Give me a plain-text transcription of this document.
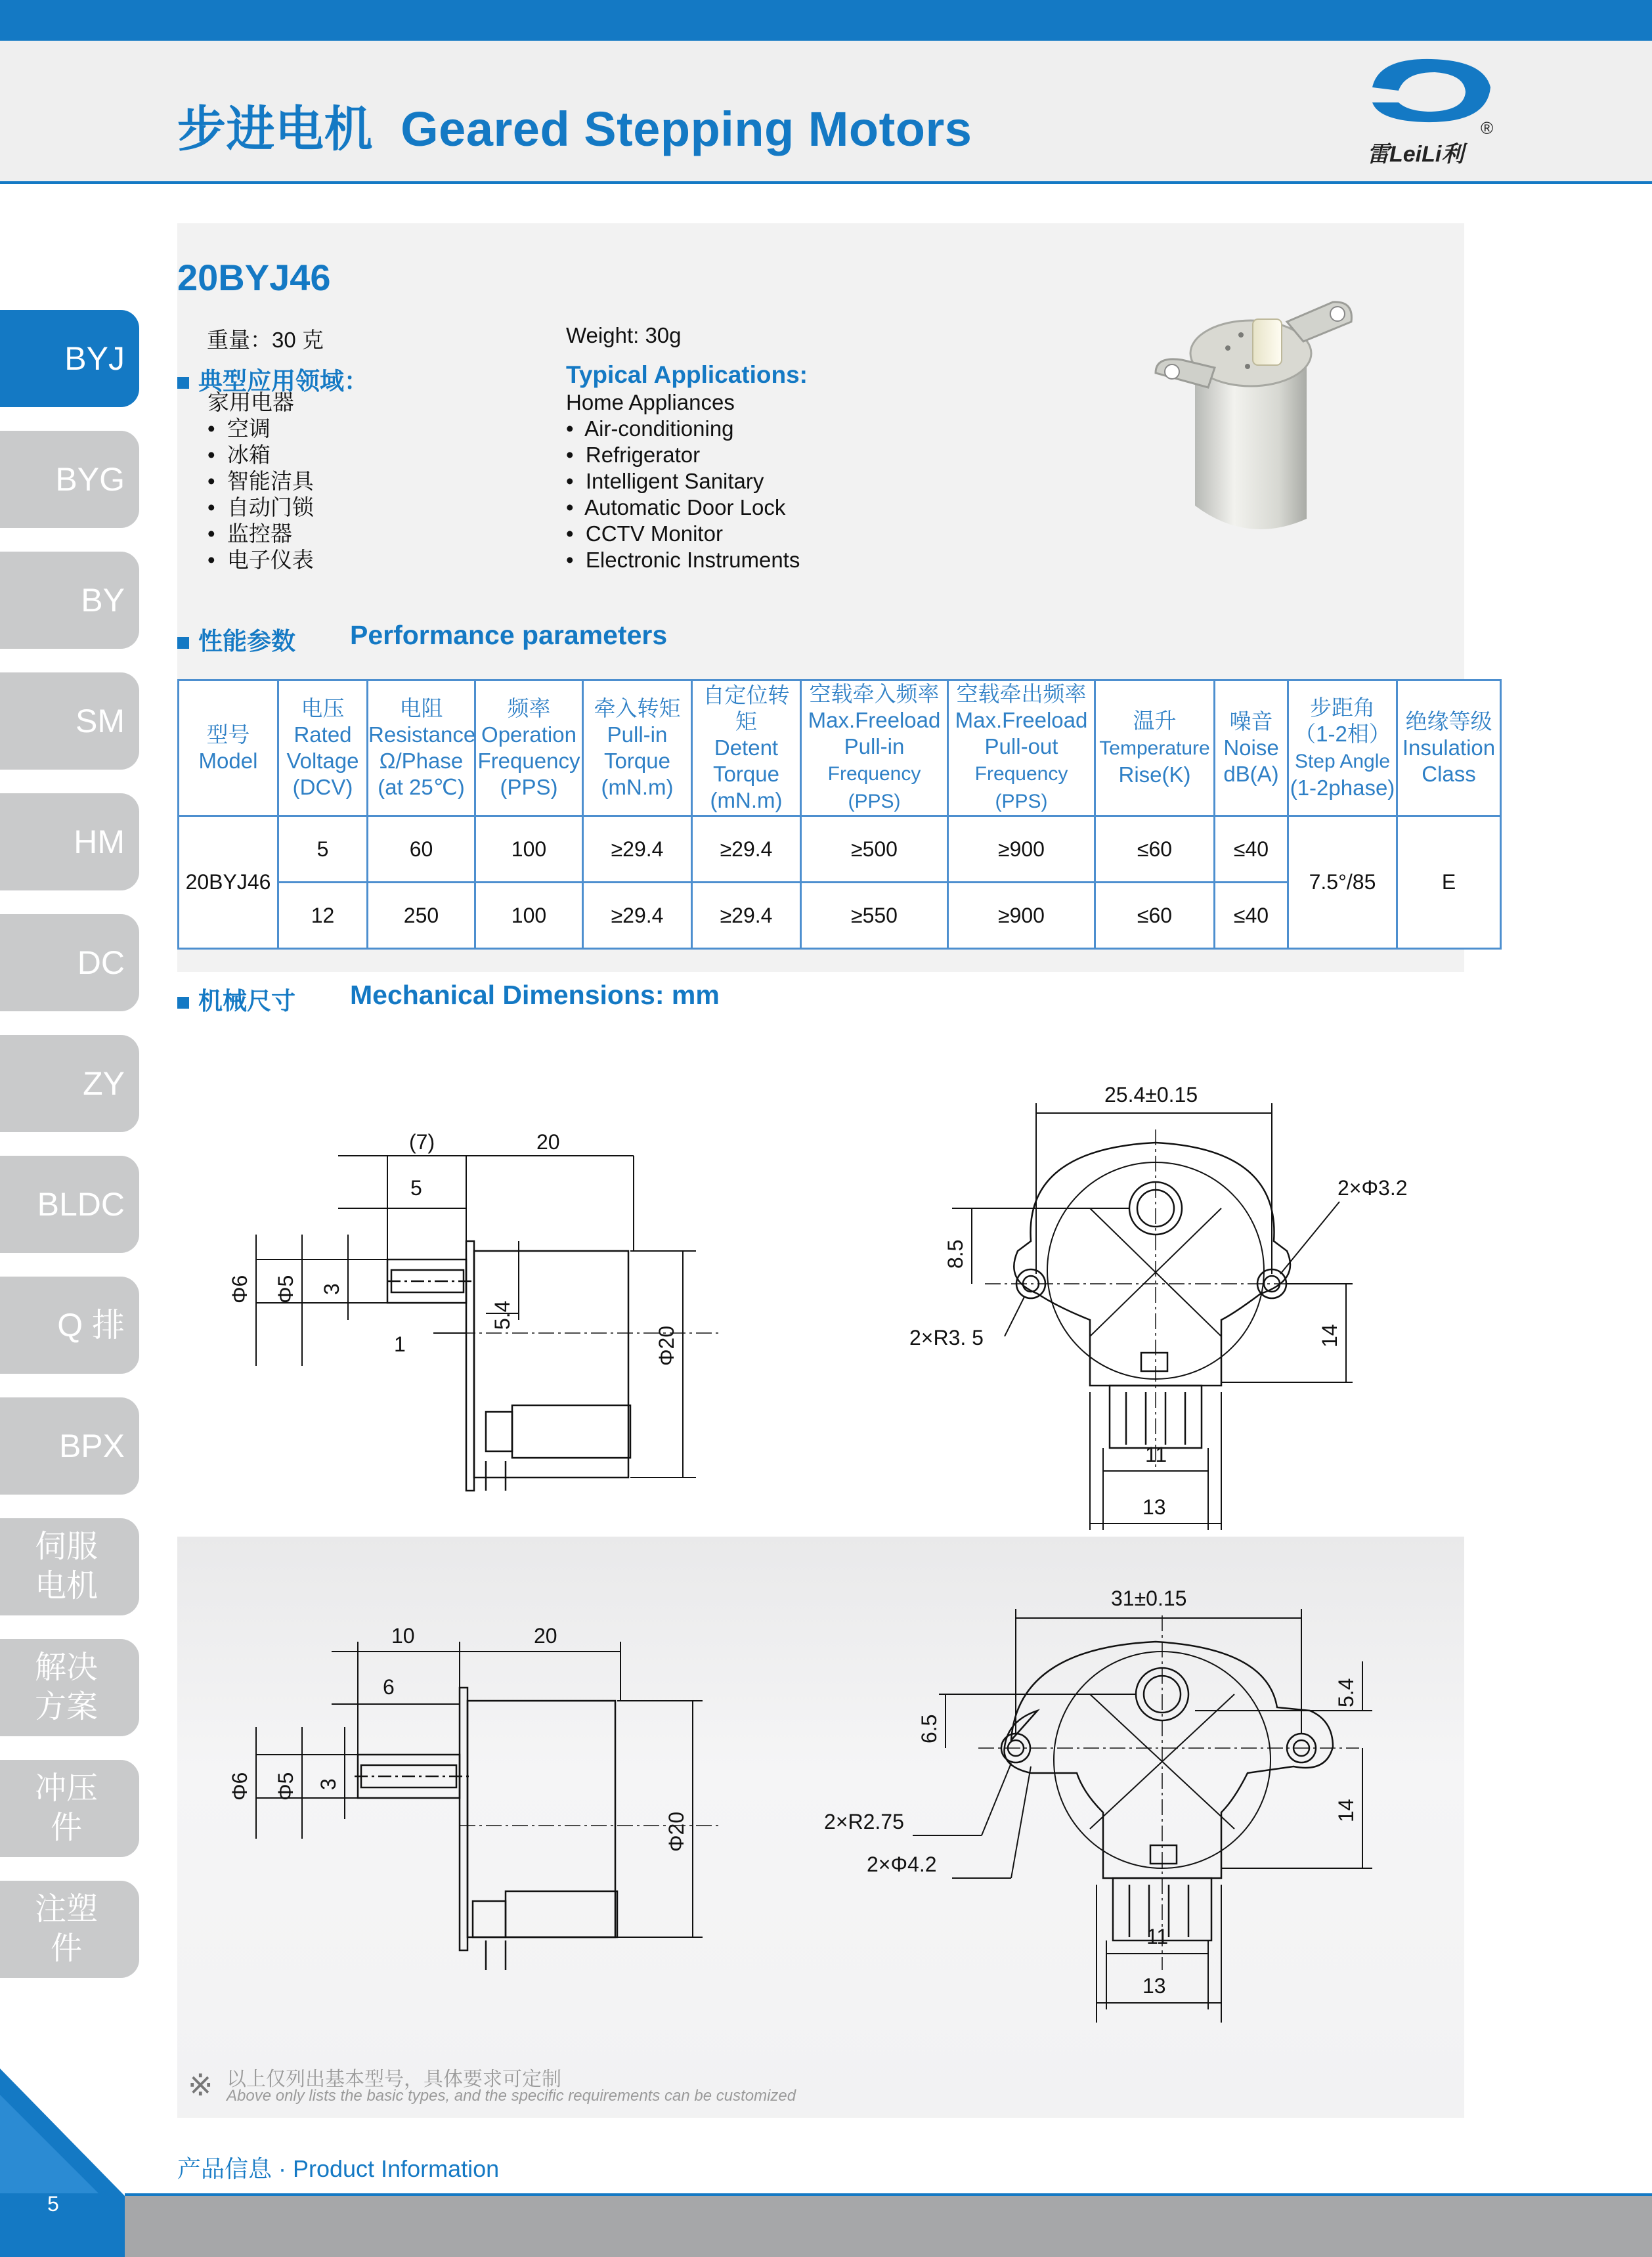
步进电机 Geared Stepping Motors	®
雷LeiLi利
BYJ
BYG
BY
SM
HM
DC
ZY
BLDC
Q 排
BPX
伺服
电机
解决
方案
冲压
件
注塑
件
20BYJ46
重量：30 克	Weight: 30g
典型应用领域：	Typical Applications:
家用电器
•  空调
•  冰箱
•  智能洁具
•  自动门锁
•  监控器
•  电子仪表
Home Appliances
•  Air-conditioning
•  Refrigerator
•  Intelligent Sanitary
•  Automatic Door Lock
•  CCTV Monitor
•  Electronic Instruments
性能参数 Performance parameters
型号
Model	电压
Rated
Voltage
(DCV)	电阻
Resistance
Ω/Phase
(at 25℃)	频率
Operation
Frequency
(PPS)	牵入转矩
Pull-in
Torque
(mN.m)	自定位转矩
Detent
Torque
(mN.m)	空载牵入频率
Max.Freeload
Pull-in
Frequency (PPS)	空载牵出频率
Max.Freeload
Pull-out
Frequency (PPS)	温升
Temperature
Rise(K)	噪音
Noise
dB(A)	步距角
（1-2相）
Step Angle
(1-2phase)	绝缘等级
Insulation
Class
20BYJ46	5	60	100	≥29.4	≥29.4	≥500	≥900	≤60	≤40	7.5°/85	E
	12	250	100	≥29.4	≥29.4	≥550	≥900	≤60	≤40		
机械尺寸 Mechanical Dimensions: mm
(7)	20
5
1
Φ6 Φ5 3
5.4
Φ20
25.4±0.15
2×Φ3.2
8.5
2×R3. 5	14
11
13
10	20
6
Φ6 Φ5 3
Φ20
31±0.15
6.5
5.4
2×R2.75
2×Φ4.2
14
11
13
※ 以上仅列出基本型号，具体要求可定制
Above only lists the basic types, and the specific requirements can be customized
产品信息 · Product Information
5
